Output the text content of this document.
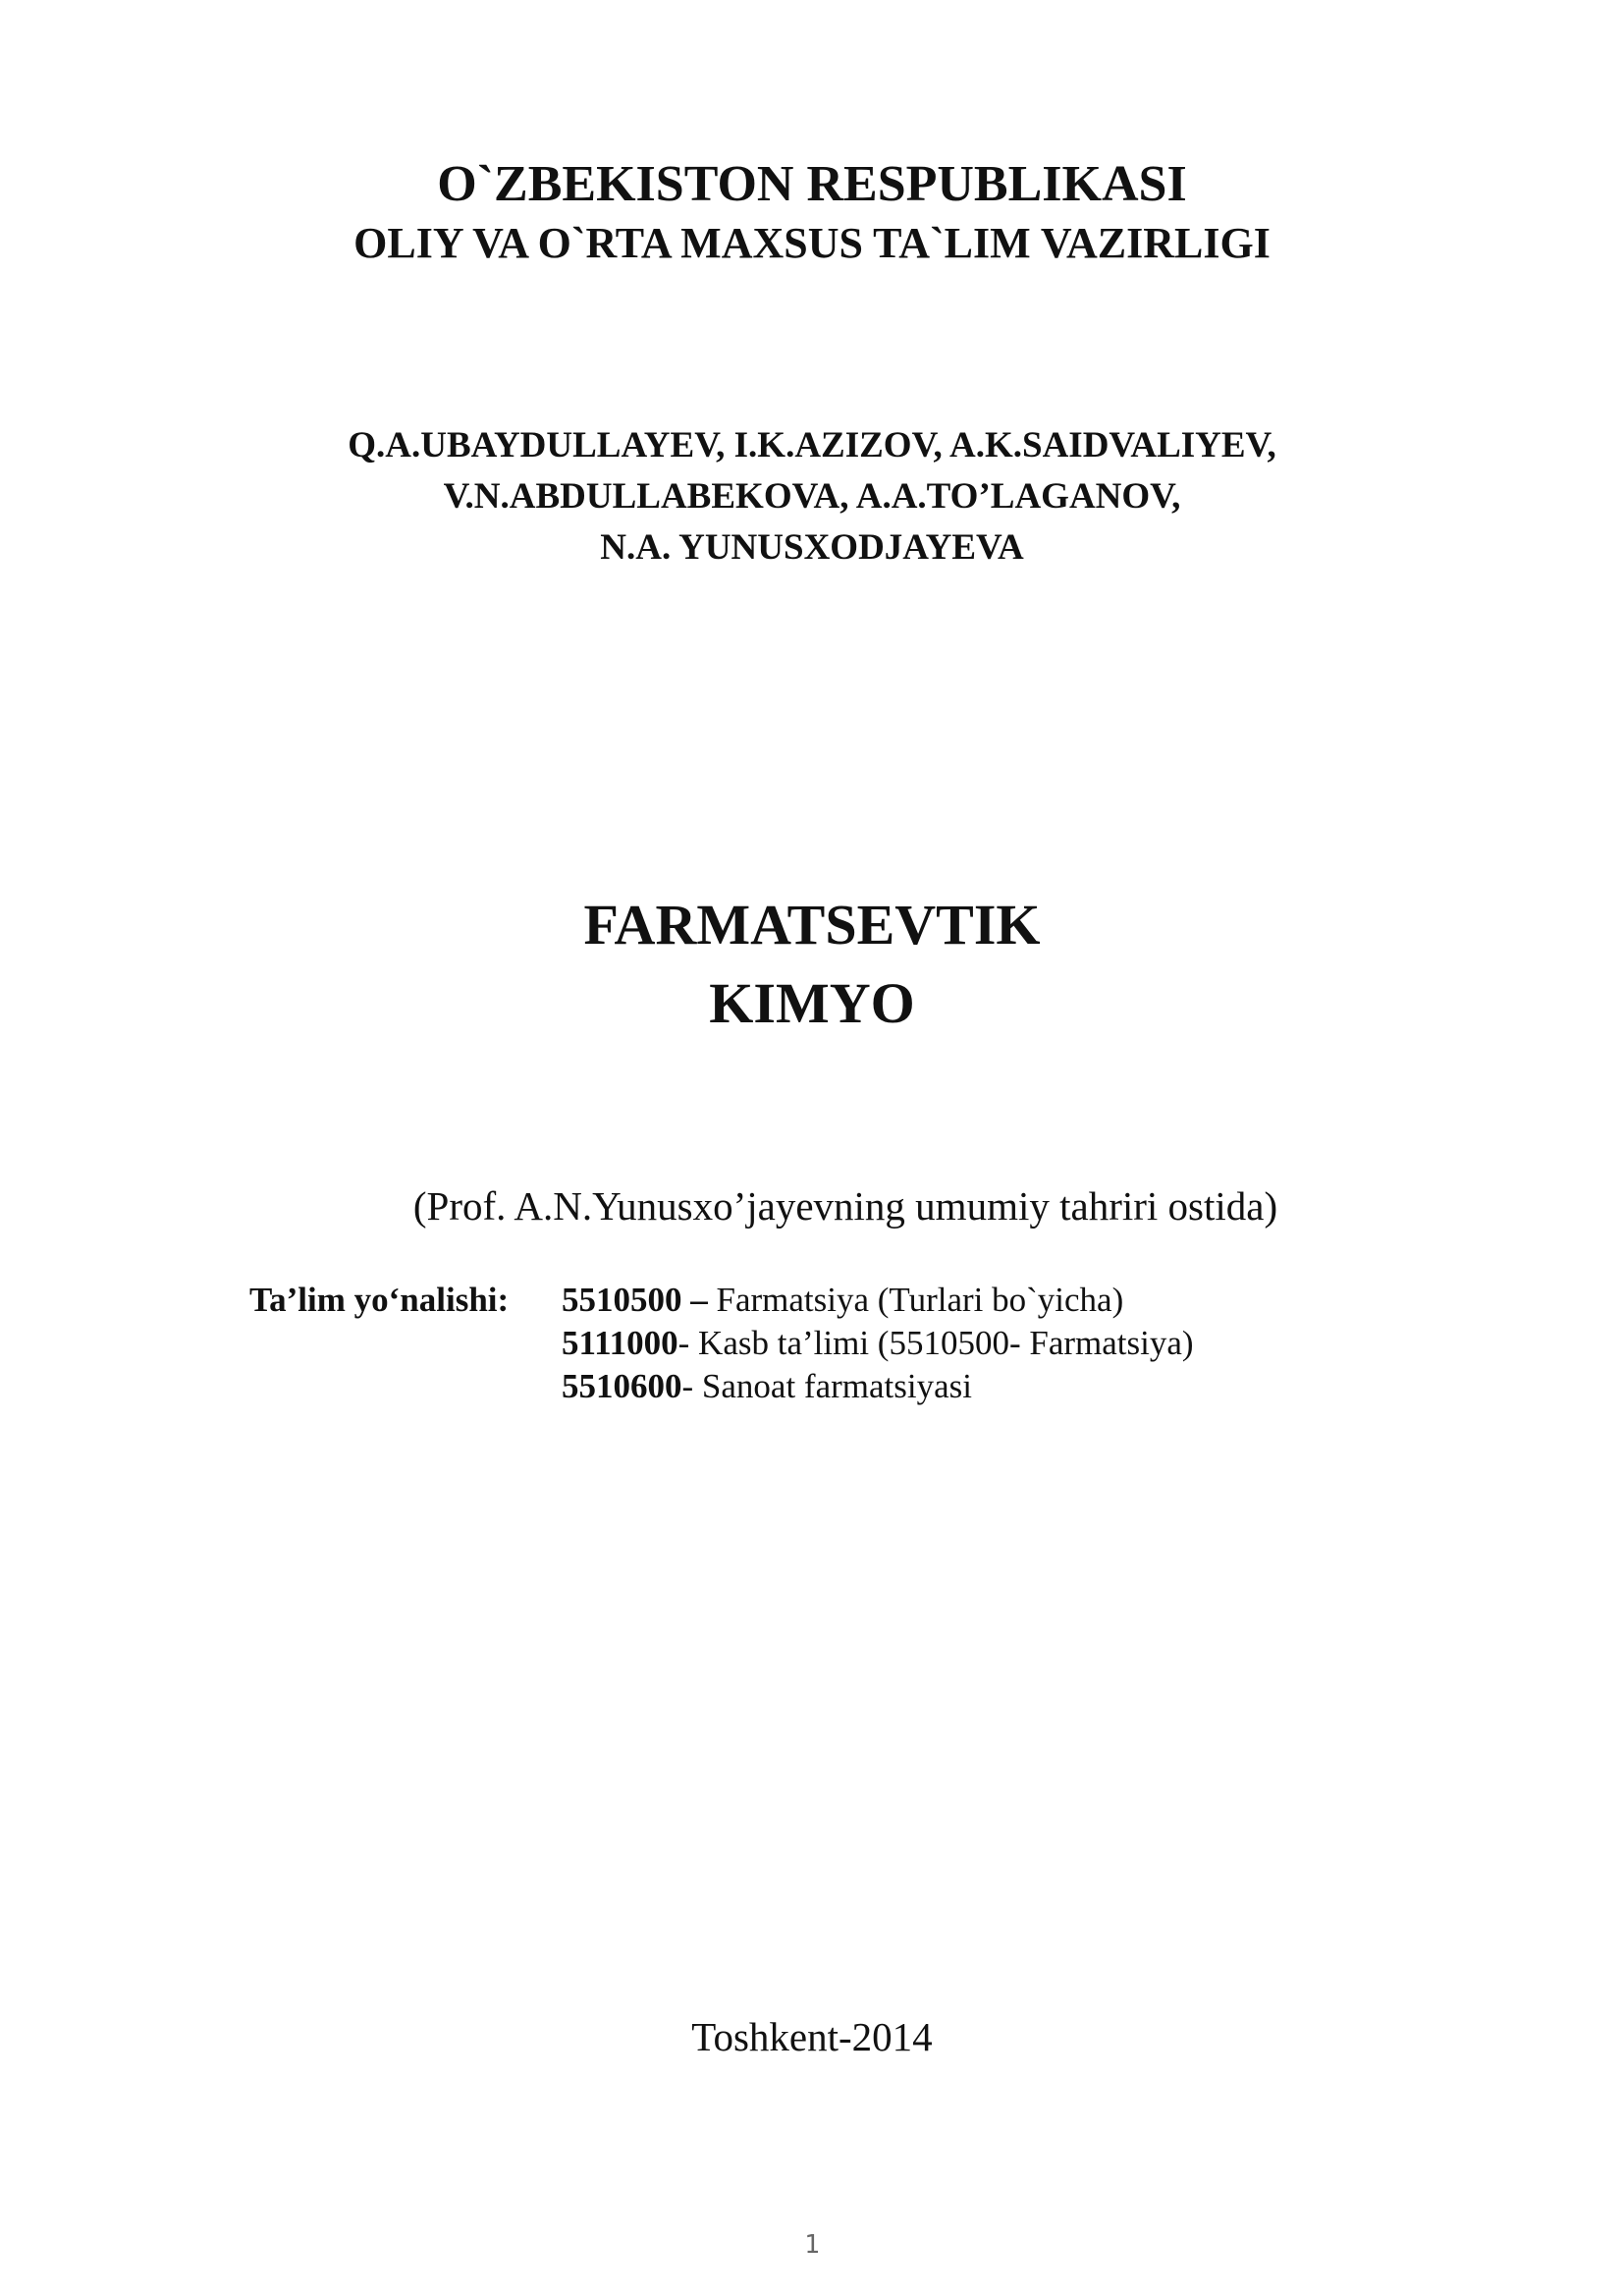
O`ZBEKISTON RESPUBLIKASI
OLIY VA O`RTA MAXSUS TA`LIM VAZIRLIGI
Q.A.UBAYDULLAYEV, I.K.AZIZOV, A.K.SAIDVALIYEV,
V.N.ABDULLABEKOVA, A.A.TO’LAGANOV,
N.A. YUNUSXODJAYEVA
FARMATSEVTIK
KIMYO
(Prof. A.N.Yunusxo’jayevning umumiy tahriri ostida)
Ta’lim yo‘nalishi:	5510500 – Farmatsiya (Turlari bo`yicha)
5111000- Kasb ta’limi (5510500- Farmatsiya)
5510600- Sanoat farmatsiyasi
Toshkent-2014
1
